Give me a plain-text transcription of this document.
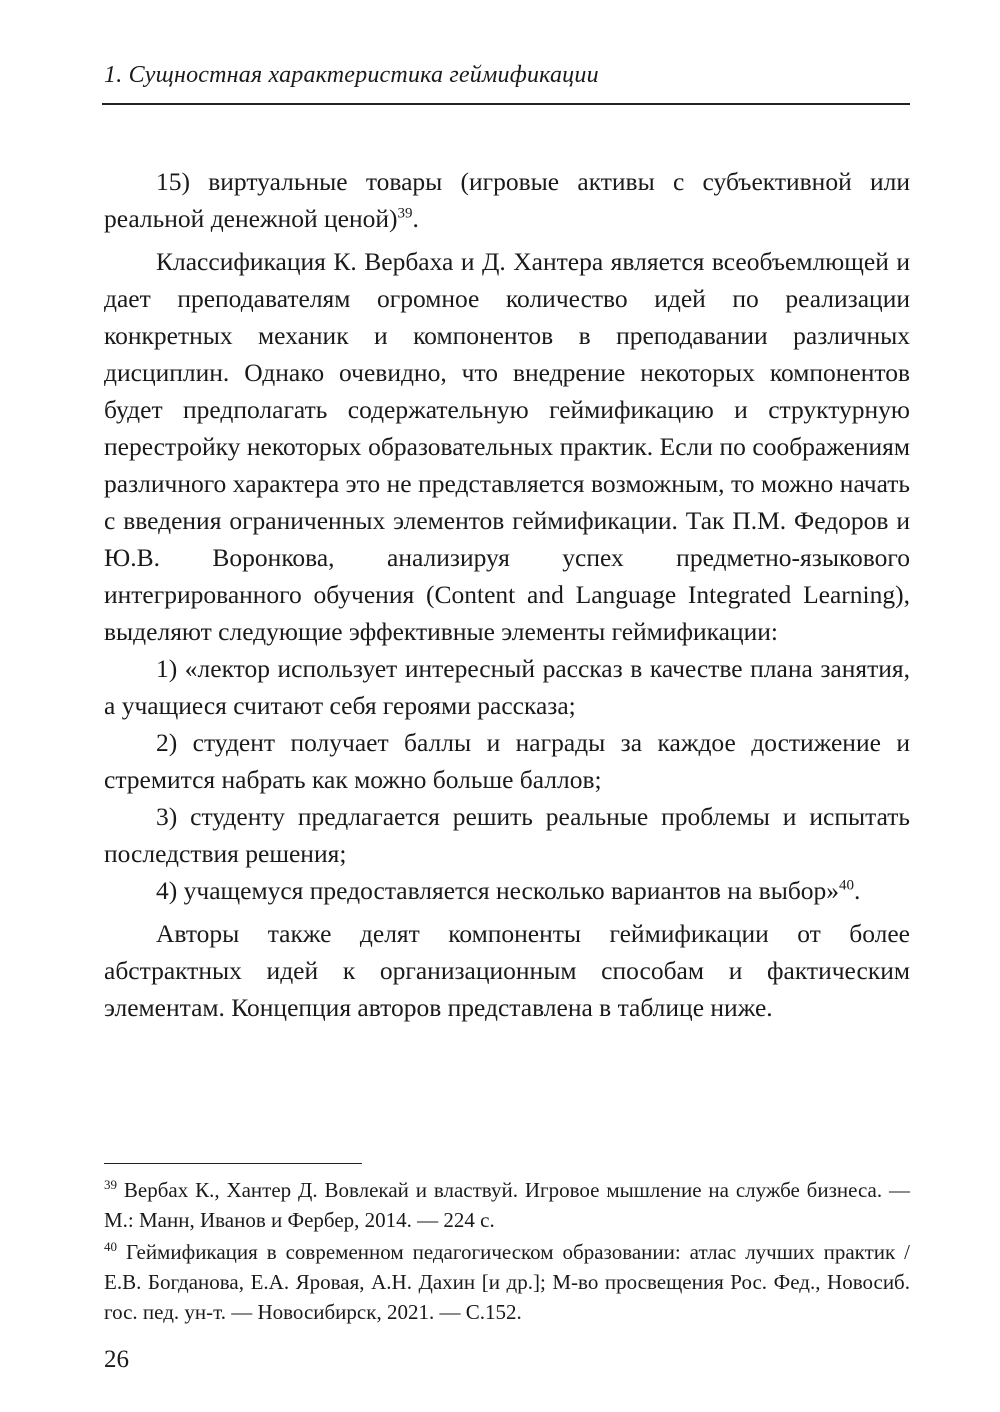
1. Сущностная характеристика геймификации

15) виртуальные товары (игровые активы с субъективной или реальной денежной ценой)$^{39}$.

Классификация К. Вербаха и Д. Хантера является всеобъемлющей и дает преподавателям огромное количество идей по реализации конкретных механик и компонентов в преподавании различных дисциплин. Однако очевидно, что внедрение некоторых компонентов будет предполагать содержательную геймификацию и структурную перестройку некоторых образовательных практик. Если по соображениям различного характера это не представляется возможным, то можно начать с введения ограниченных элементов геймификации. Так П.М. Федоров и Ю.В. Воронкова, анализируя успех предметно-языкового интегрированного обучения (Content and Language Integrated Learning), выделяют следующие эффективные элементы геймификации:

1) «лектор использует интересный рассказ в качестве плана занятия, а учащиеся считают себя героями рассказа;

2) студент получает баллы и награды за каждое достижение и стремится набрать как можно больше баллов;

3) студенту предлагается решить реальные проблемы и испытать последствия решения;

4) учащемуся предоставляется несколько вариантов на выбор»$^{40}$.

Авторы также делят компоненты геймификации от более абстрактных идей к организационным способам и фактическим элементам. Концепция авторов представлена в таблице ниже.

$^{39}$ Вербах К., Хантер Д. Вовлекай и властвуй. Игровое мышление на службе бизнеса. — М.: Манн, Иванов и Фербер, 2014. — 224 с.

$^{40}$ Геймификация в современном педагогическом образовании: атлас лучших практик / Е.В. Богданова, Е.А. Яровая, А.Н. Дахин [и др.]; М-во просвещения Рос. Фед., Новосиб. гос. пед. ун-т. — Новосибирск, 2021. — С.152.

26
